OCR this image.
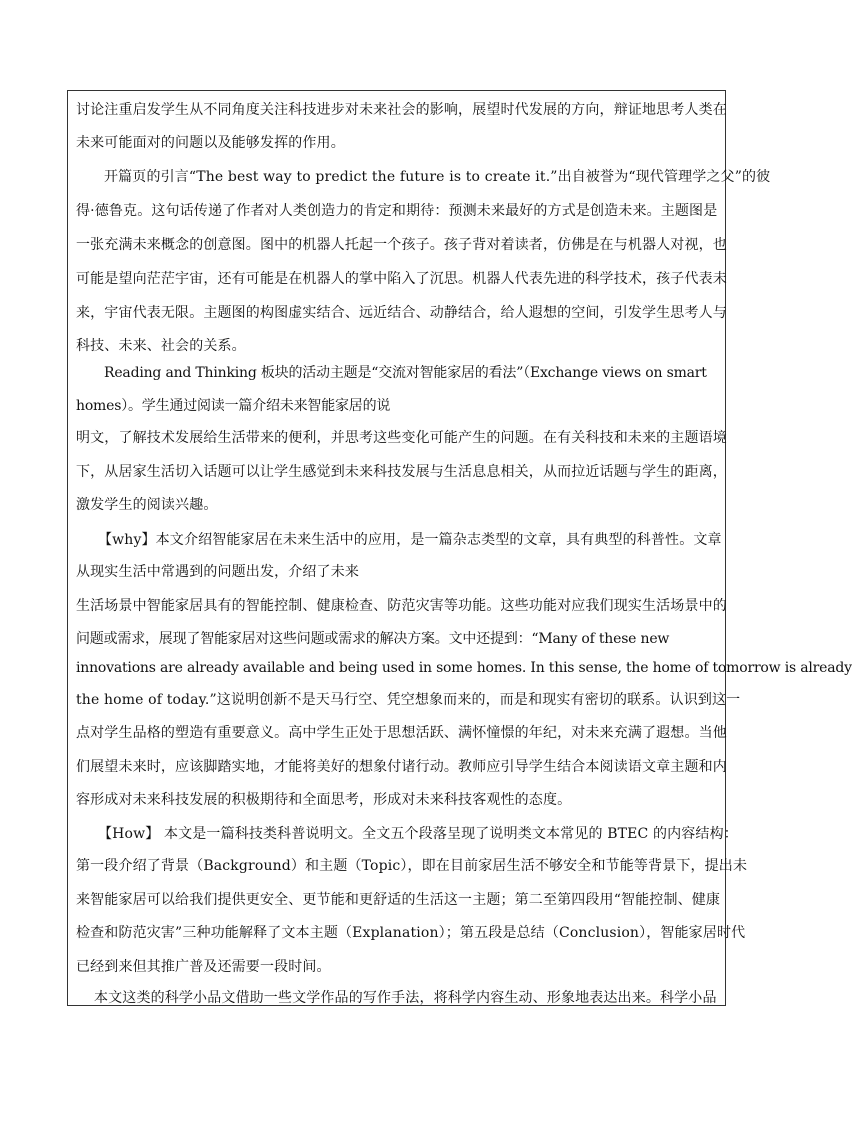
讨论注重启发学生从不同角度关注科技进步对未来社会的影响，展望时代发展的方向，辩证地思考人类在
未来可能面对的问题以及能够发挥的作用。
开篇页的引言“The best way to predict the future is to create it.”出自被誉为“现代管理学之父”的彼
得·德鲁克。这句话传递了作者对人类创造力的肯定和期待：预测未来最好的方式是创造未来。主题图是
一张充满未来概念的创意图。图中的机器人托起一个孩子。孩子背对着读者，仿佛是在与机器人对视，也
可能是望向茫茫宇宙，还有可能是在机器人的掌中陷入了沉思。机器人代表先进的科学技术，孩子代表未
来，宇宙代表无限。主题图的构图虚实结合、远近结合、动静结合，给人遐想的空间，引发学生思考人与
科技、未来、社会的关系。
Reading and Thinking 板块的活动主题是“交流对智能家居的看法”（Exchange views on smart
homes）。学生通过阅读一篇介绍未来智能家居的说
明文，了解技术发展给生活带来的便利，并思考这些变化可能产生的问题。在有关科技和未来的主题语境
下，从居家生活切入话题可以让学生感觉到未来科技发展与生活息息相关，从而拉近话题与学生的距离，
激发学生的阅读兴趣。
【why】本文介绍智能家居在未来生活中的应用，是一篇杂志类型的文章，具有典型的科普性。文章
从现实生活中常遇到的问题出发，介绍了未来
生活场景中智能家居具有的智能控制、健康检查、防范灾害等功能。这些功能对应我们现实生活场景中的
问题或需求，展现了智能家居对这些问题或需求的解决方案。文中还提到：“Many of these new
innovations are already available and being used in some homes. In this sense, the home of tomorrow is already
the home of today.”这说明创新不是天马行空、凭空想象而来的，而是和现实有密切的联系。认识到这一
点对学生品格的塑造有重要意义。高中学生正处于思想活跃、满怀憧憬的年纪，对未来充满了遐想。当他
们展望未来时，应该脚踏实地，才能将美好的想象付诸行动。教师应引导学生结合本阅读语文章主题和内
容形成对未来科技发展的积极期待和全面思考，形成对未来科技客观性的态度。
【How】 本文是一篇科技类科普说明文。全文五个段落呈现了说明类文本常见的 BTEC 的内容结构：
第一段介绍了背景（Background）和主题（Topic），即在目前家居生活不够安全和节能等背景下，提出未
来智能家居可以给我们提供更安全、更节能和更舒适的生活这一主题；第二至第四段用“智能控制、健康
检查和防范灾害”三种功能解释了文本主题（Explanation）；第五段是总结（Conclusion），智能家居时代
已经到来但其推广普及还需要一段时间。
本文这类的科学小品文借助一些文学作品的写作手法，将科学内容生动、形象地表达出来。科学小品
